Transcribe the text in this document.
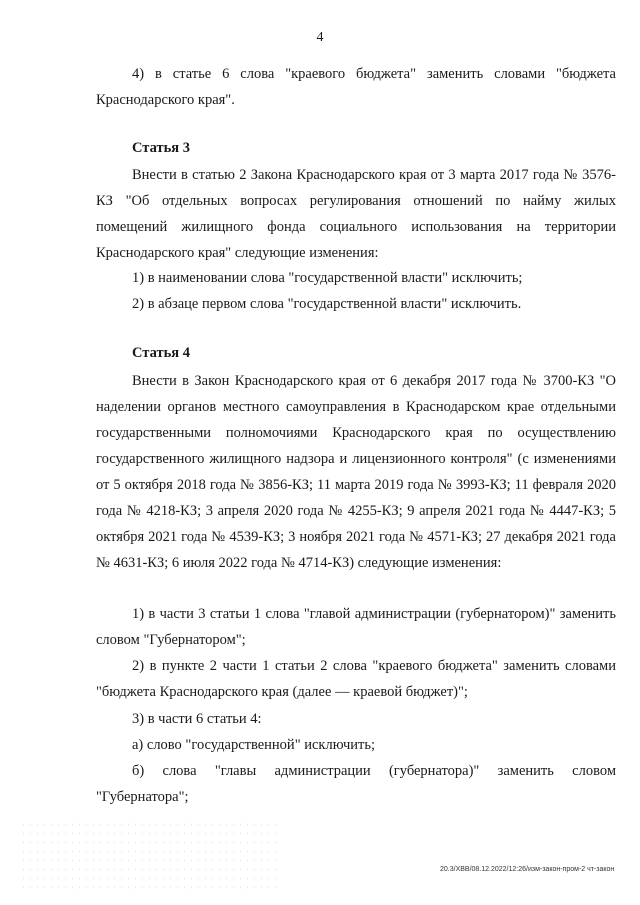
4

4) в статье 6 слова "краевого бюджета" заменить словами "бюджета Краснодарского края".

Статья 3

Внести в статью 2 Закона Краснодарского края от 3 марта 2017 года № 3576-КЗ "Об отдельных вопросах регулирования отношений по найму жилых помещений жилищного фонда социального использования на территории Краснодарского края" следующие изменения:

1) в наименовании слова "государственной власти" исключить;

2) в абзаце первом слова "государственной власти" исключить.

Статья 4

Внести в Закон Краснодарского края от 6 декабря 2017 года № 3700-КЗ "О наделении органов местного самоуправления в Краснодарском крае отдельными государственными полномочиями Краснодарского края по осуществлению государственного жилищного надзора и лицензионного контроля" (с изменениями от 5 октября 2018 года № 3856-КЗ; 11 марта 2019 года № 3993-КЗ; 11 февраля 2020 года № 4218-КЗ; 3 апреля 2020 года № 4255-КЗ; 9 апреля 2021 года № 4447-КЗ; 5 октября 2021 года № 4539-КЗ; 3 ноября 2021 года № 4571-КЗ; 27 декабря 2021 года № 4631-КЗ; 6 июля 2022 года № 4714-КЗ) следующие изменения:

1) в части 3 статьи 1 слова "главой администрации (губернатором)" заменить словом "Губернатором";

2) в пункте 2 части 1 статьи 2 слова "краевого бюджета" заменить словами "бюджета Краснодарского края (далее — краевой бюджет)";

3) в части 6 статьи 4:

а) слово "государственной" исключить;

б) слова "главы администрации (губернатора)" заменить словом "Губернатора";

20.3/ХВВ/08.12.2022/12:26/изм-закон-пром-2 чт-закон
